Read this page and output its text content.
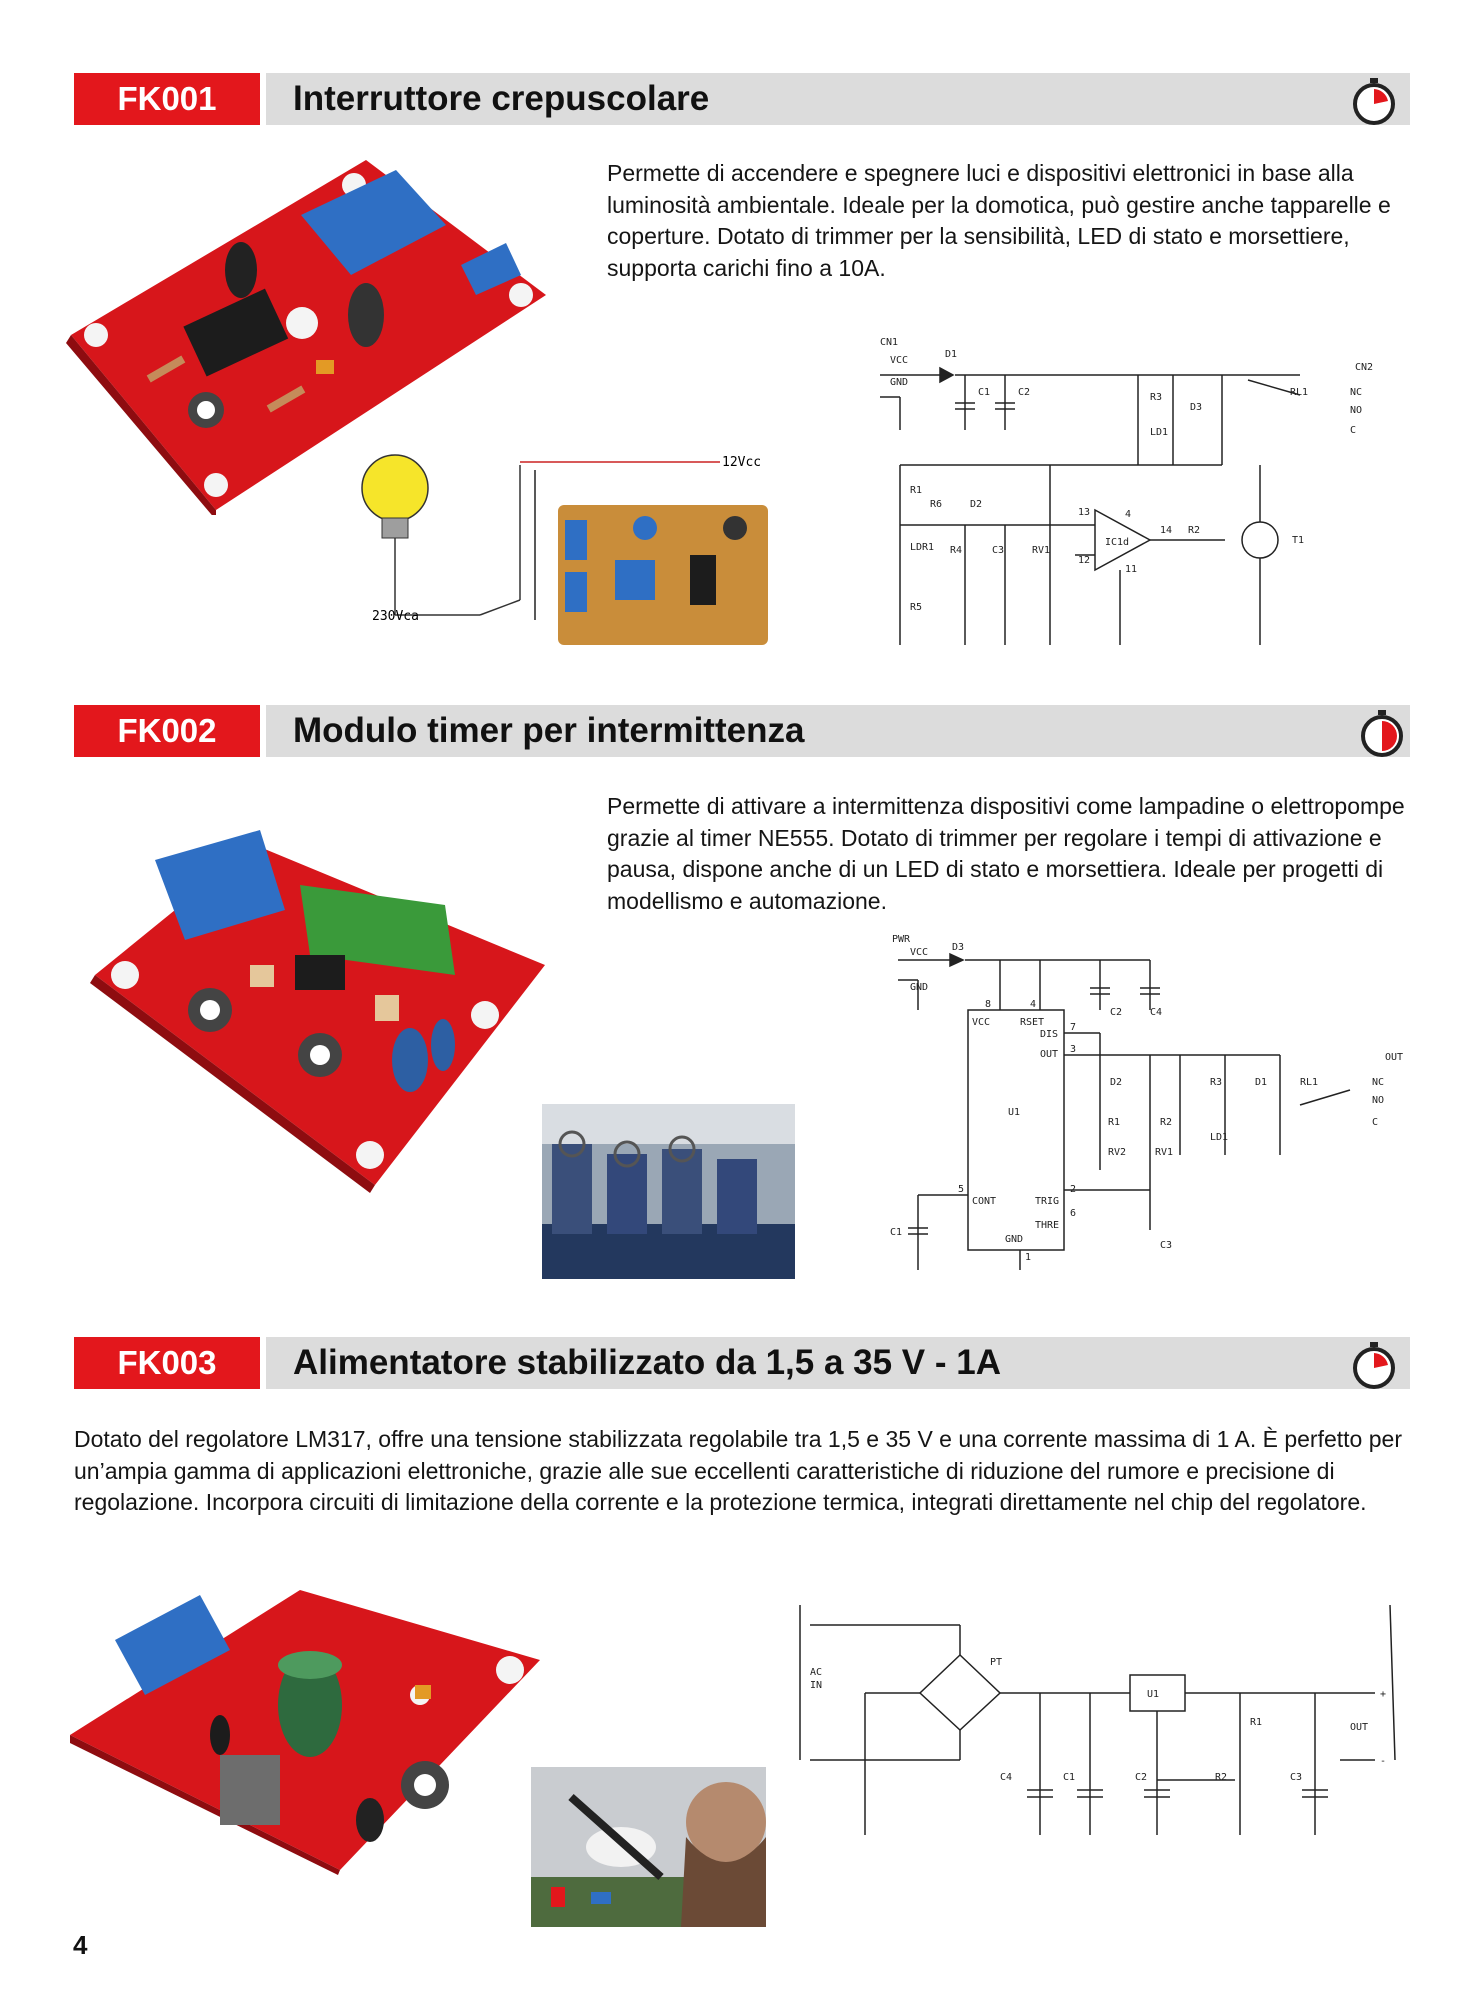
FK001	Interruttore crepuscolare
Permette di accendere e spegnere luci e dispositivi elettronici in base alla luminosità ambientale. Ideale per la domotica, può gestire anche tapparelle e coperture. Dotato di trimmer per la sensibilità, LED di stato e morsettiere, supporta carichi fino a 10A.
12Vcc
230Vca
CN1
D1
VCC
GND
C1	C2	R3
D3
LD1
RL1
CN2
NC
NO
C
R1
R6	D2
LDR1 R4	C3	RV1
13	4
IC1d
14
11
12
R2
T1
R5
FK002	Modulo timer per intermittenza
Permette di attivare a intermittenza dispositivi come lampadine o elettropompe grazie al timer NE555. Dotato di trimmer per regolare i tempi di attivazione e pausa, dispone anche di un LED di stato e morsettiera. Ideale per progetti di modellismo e automazione.
PWR
VCC
GND
D3
C2	C4
8	4
VCC	RSET
DIS
7
3
OUT
D2	R3	D1	RL1
OUT
NC
NO
C
U1
R1	R2
LD1
RV2	RV1
5
CONT
2
TRIG
6
THRE
GND
1
C1
C3
FK003	Alimentatore stabilizzato da 1,5 a 35 V - 1A
Dotato del regolatore LM317, offre una tensione stabilizzata regolabile tra 1,5 e 35 V e una corrente massima di 1 A. È perfetto per un’ampia gamma di applicazioni elettroniche, grazie alle sue eccellenti caratteristiche di riduzione del rumore e precisione di regolazione. Incorpora circuiti di limitazione della corrente e la protezione termica, integrati direttamente nel chip del regolatore.
AC
IN
PT
U1
R1	OUT
+
-
C4	C1	C2	R2	C3
4
